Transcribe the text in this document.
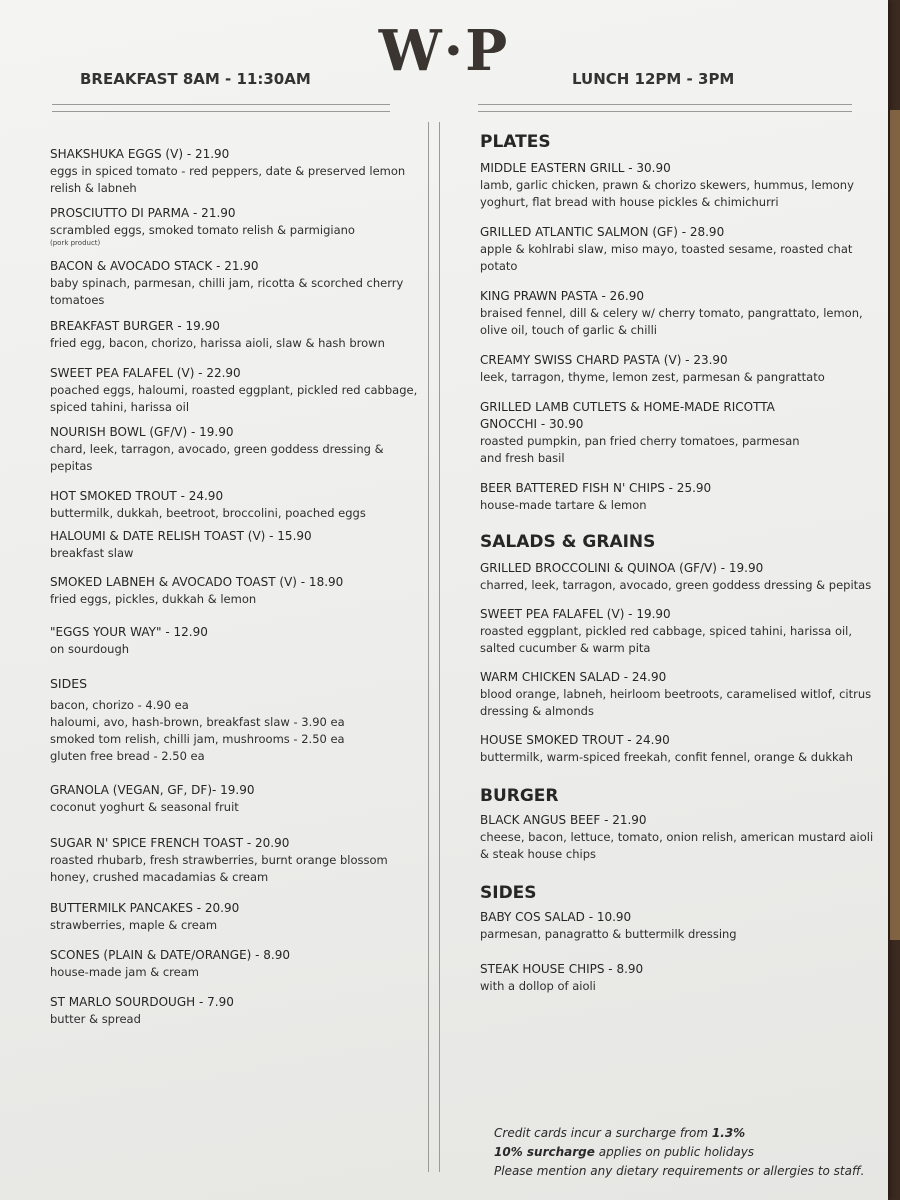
W·P
BREAKFAST 8AM - 11:30AM	LUNCH 12PM - 3PM
SHAKSHUKA EGGS (V) - 21.90
eggs in spiced tomato - red peppers, date & preserved lemon relish & labneh
PROSCIUTTO DI PARMA - 21.90
scrambled eggs, smoked tomato relish & parmigiano
(pork product)
BACON & AVOCADO STACK - 21.90
baby spinach, parmesan, chilli jam, ricotta & scorched cherry tomatoes
BREAKFAST BURGER - 19.90
fried egg, bacon, chorizo, harissa aioli, slaw & hash brown
SWEET PEA FALAFEL (V) - 22.90
poached eggs, haloumi, roasted eggplant, pickled red cabbage, spiced tahini, harissa oil
NOURISH BOWL (GF/V) - 19.90
chard, leek, tarragon, avocado, green goddess dressing & pepitas
HOT SMOKED TROUT - 24.90
buttermilk, dukkah, beetroot, broccolini, poached eggs
HALOUMI & DATE RELISH TOAST (V) - 15.90
breakfast slaw
SMOKED LABNEH & AVOCADO TOAST (V) - 18.90
fried eggs, pickles, dukkah & lemon
"EGGS YOUR WAY" - 12.90
on sourdough
SIDES
bacon, chorizo - 4.90 ea
haloumi, avo, hash-brown, breakfast slaw - 3.90 ea
smoked tom relish, chilli jam, mushrooms - 2.50 ea
gluten free bread - 2.50 ea
GRANOLA (VEGAN, GF, DF)- 19.90
coconut yoghurt & seasonal fruit
SUGAR N' SPICE FRENCH TOAST - 20.90
roasted rhubarb, fresh strawberries, burnt orange blossom honey, crushed macadamias & cream
BUTTERMILK PANCAKES - 20.90
strawberries, maple & cream
SCONES (PLAIN & DATE/ORANGE) - 8.90
house-made jam & cream
ST MARLO SOURDOUGH - 7.90
butter & spread
PLATES
MIDDLE EASTERN GRILL - 30.90
lamb, garlic chicken, prawn & chorizo skewers, hummus, lemony yoghurt, flat bread with house pickles & chimichurri
GRILLED ATLANTIC SALMON (GF) - 28.90
apple & kohlrabi slaw, miso mayo, toasted sesame, roasted chat potato
KING PRAWN PASTA - 26.90
braised fennel, dill & celery w/ cherry tomato, pangrattato, lemon, olive oil, touch of garlic & chilli
CREAMY SWISS CHARD PASTA (V) - 23.90
leek, tarragon, thyme, lemon zest, parmesan & pangrattato
GRILLED LAMB CUTLETS & HOME-MADE RICOTTA GNOCCHI - 30.90
roasted pumpkin, pan fried cherry tomatoes, parmesan and fresh basil
BEER BATTERED FISH N' CHIPS - 25.90
house-made tartare & lemon
SALADS & GRAINS
GRILLED BROCCOLINI & QUINOA (GF/V) - 19.90
charred, leek, tarragon, avocado, green goddess dressing & pepitas
SWEET PEA FALAFEL (V) - 19.90
roasted eggplant, pickled red cabbage, spiced tahini, harissa oil, salted cucumber & warm pita
WARM CHICKEN SALAD - 24.90
blood orange, labneh, heirloom beetroots, caramelised witlof, citrus dressing & almonds
HOUSE SMOKED TROUT - 24.90
buttermilk, warm-spiced freekah, confit fennel, orange & dukkah
BURGER
BLACK ANGUS BEEF - 21.90
cheese, bacon, lettuce, tomato, onion relish, american mustard aioli & steak house chips
SIDES
BABY COS SALAD - 10.90
parmesan, panagratto & buttermilk dressing
STEAK HOUSE CHIPS - 8.90
with a dollop of aioli
Credit cards incur a surcharge from 1.3%
10% surcharge applies on public holidays
Please mention any dietary requirements or allergies to staff.
